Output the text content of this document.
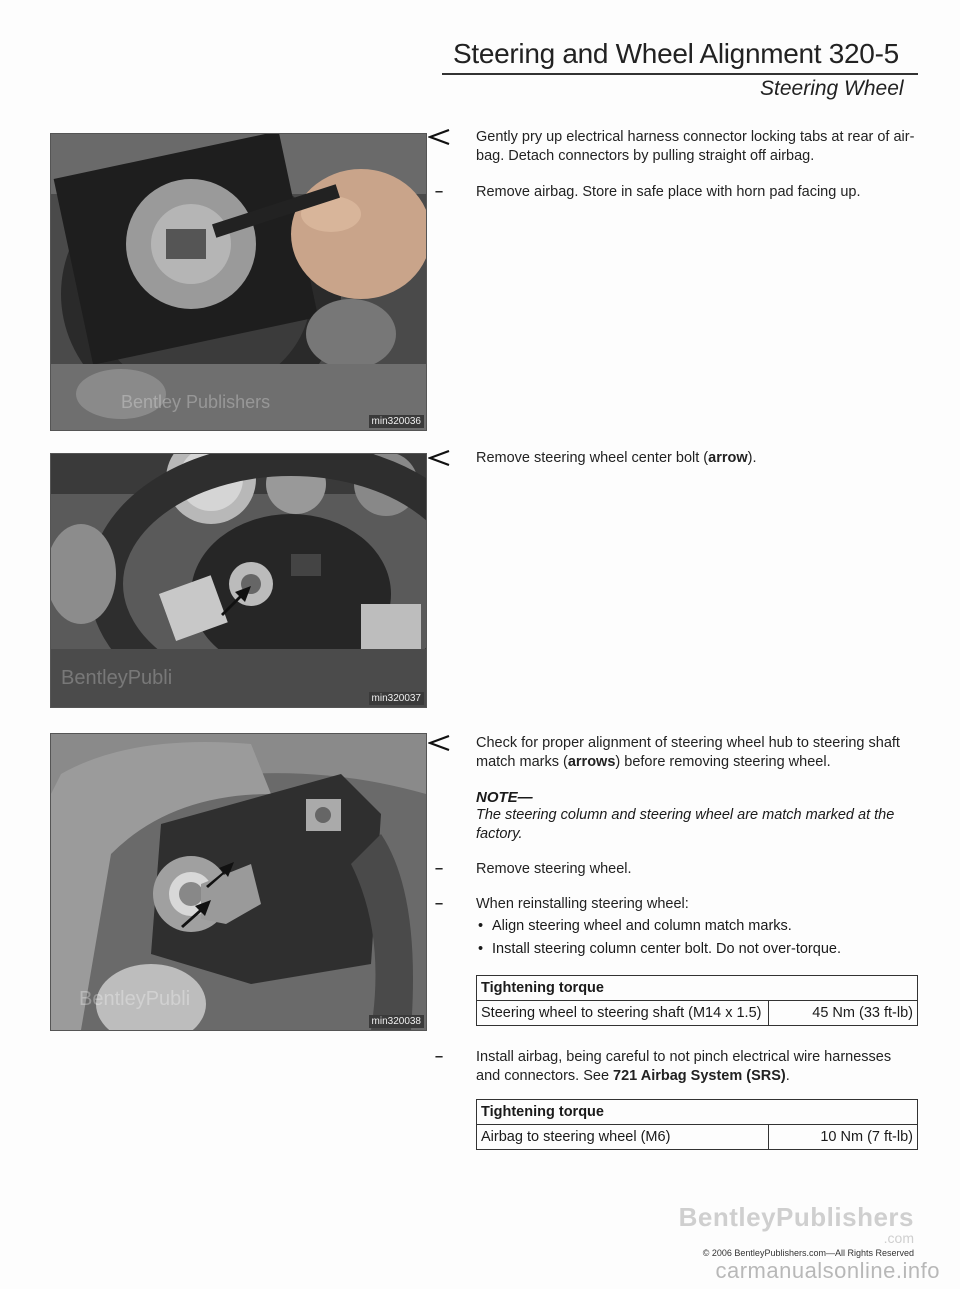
Steering and Wheel Alignment 320-5
Steering Wheel
Bentley Publishers
min320036
BentleyPubli
min320037
BentleyPubli
min320038
Gently pry up electrical harness connector locking tabs at rear of air-bag. Detach connectors by pulling straight off airbag.
–	Remove airbag. Store in safe place with horn pad facing up.
Remove steering wheel center bolt (arrow).
Check for proper alignment of steering wheel hub to steering shaft match marks (arrows) before removing steering wheel.
NOTE—
The steering column and steering wheel are match marked at the factory.
–	Remove steering wheel.
–	When reinstalling steering wheel:
• Align steering wheel and column match marks.
• Install steering column center bolt. Do not over-torque.
Tightening torque
Steering wheel to steering shaft (M14 x 1.5)	45 Nm (33 ft-lb)
–	Install airbag, being careful to not pinch electrical wire harnesses and connectors. See 721 Airbag System (SRS).
Tightening torque
Airbag to steering wheel (M6)	10 Nm (7 ft-lb)
BentleyPublishers
.com
© 2006 BentleyPublishers.com—All Rights Reserved
carmanualsonline.info
